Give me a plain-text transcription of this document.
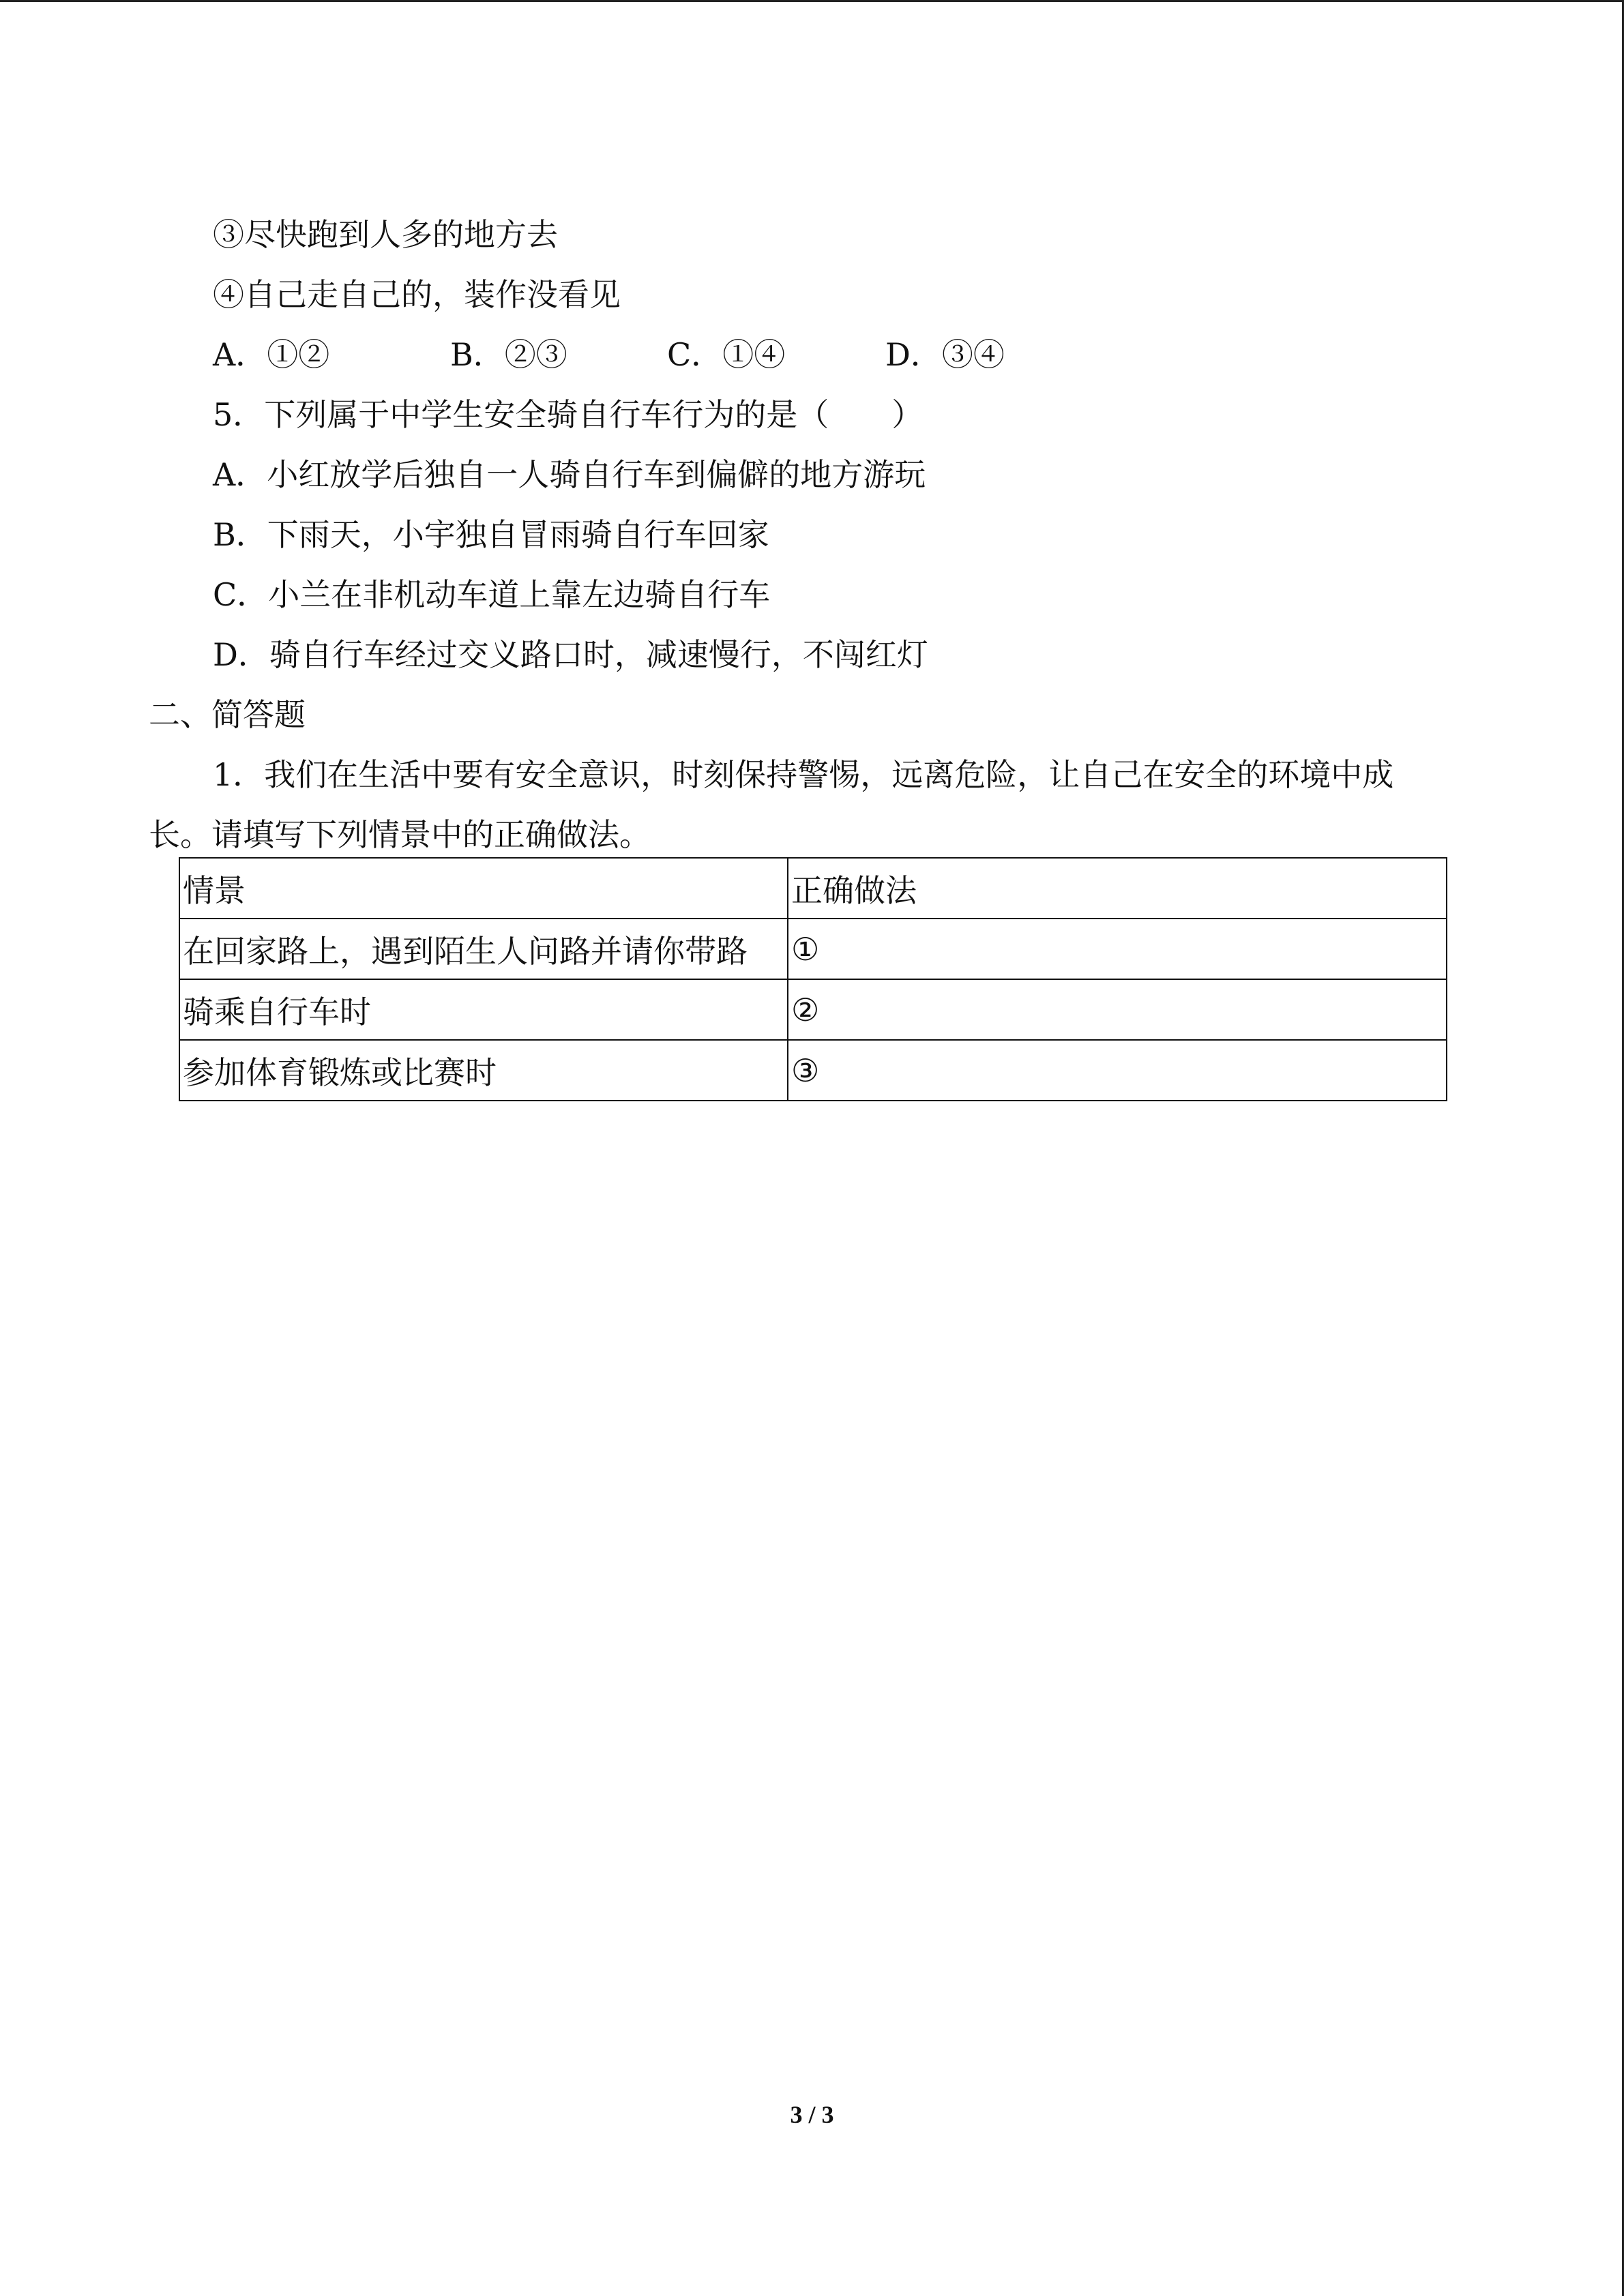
③尽快跑到人多的地方去
④自己走自己的，装作没看见
A．①②	B．②③	C．①④	D．③④
5．下列属于中学生安全骑自行车行为的是（　　）
A．小红放学后独自一人骑自行车到偏僻的地方游玩
B．下雨天，小宇独自冒雨骑自行车回家
C．小兰在非机动车道上靠左边骑自行车
D．骑自行车经过交义路口时，减速慢行，不闯红灯
二、简答题
1．我们在生活中要有安全意识，时刻保持警惕，远离危险，让自己在安全的环境中成
长。请填写下列情景中的正确做法。
情景	正确做法
在回家路上，遇到陌生人问路并请你带路	①
骑乘自行车时	②
参加体育锻炼或比赛时	③
3 / 3
